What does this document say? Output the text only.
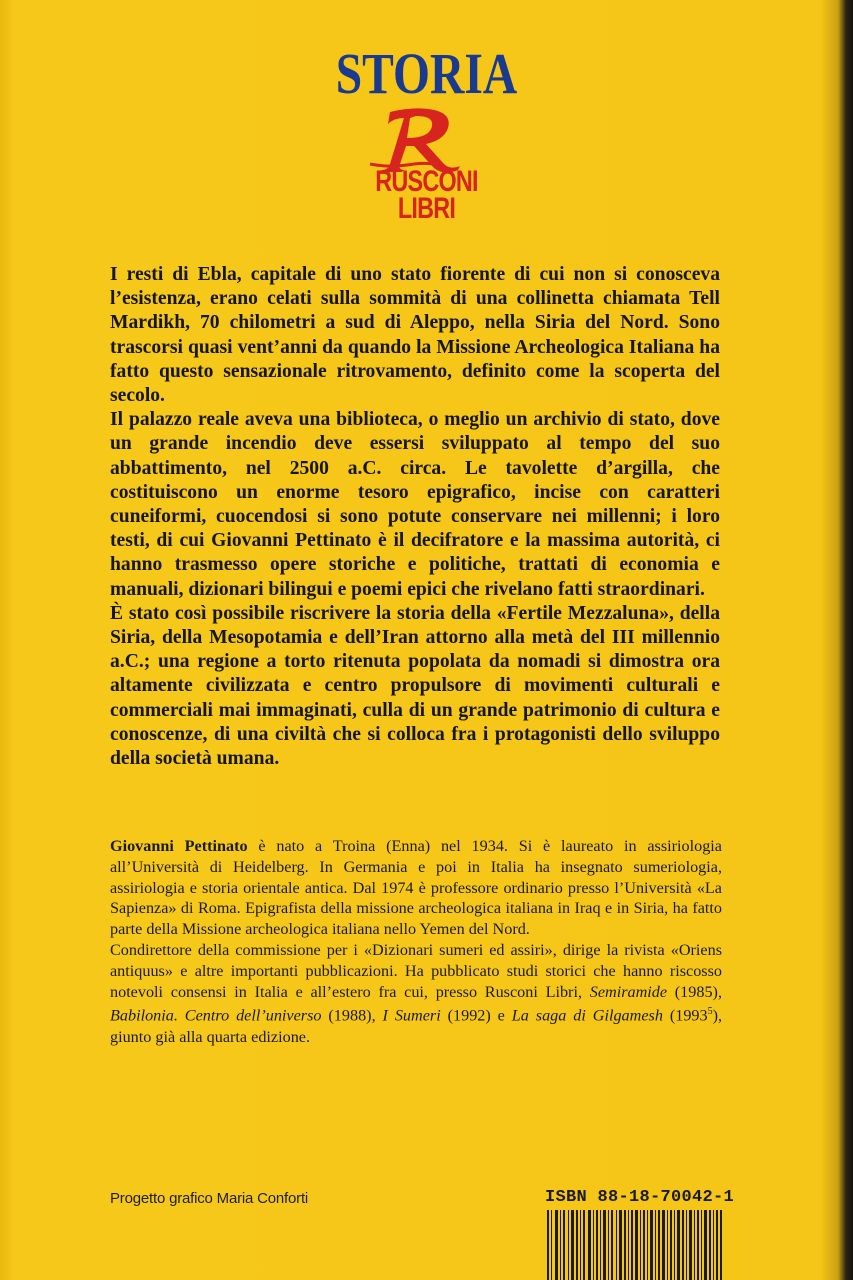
STORIA
RUSCONI
LIBRI

I resti di Ebla, capitale di uno stato fiorente di cui non si conosceva l’esistenza, erano celati sulla sommità di una collinetta chiamata Tell Mardikh, 70 chilometri a sud di Aleppo, nella Siria del Nord. Sono trascorsi quasi vent’anni da quando la Missione Archeologica Italiana ha fatto questo sensazionale ritrovamento, definito come la scoperta del secolo.

Il palazzo reale aveva una biblioteca, o meglio un archivio di stato, dove un grande incendio deve essersi sviluppato al tempo del suo abbattimento, nel 2500 a.C. circa. Le tavolette d’argilla, che costituiscono un enorme tesoro epigrafico, incise con caratteri cuneiformi, cuocendosi si sono potute conservare nei millenni; i loro testi, di cui Giovanni Pettinato è il decifratore e la massima autorità, ci hanno trasmesso opere storiche e politiche, trattati di economia e manuali, dizionari bilingui e poemi epici che rivelano fatti straordinari.

È stato così possibile riscrivere la storia della «Fertile Mezzaluna», della Siria, della Mesopotamia e dell’Iran attorno alla metà del III millennio a.C.; una regione a torto ritenuta popolata da nomadi si dimostra ora altamente civilizzata e centro propulsore di movimenti culturali e commerciali mai immaginati, culla di un grande patrimonio di cultura e conoscenze, di una civiltà che si colloca fra i protagonisti dello sviluppo della società umana.

Giovanni Pettinato è nato a Troina (Enna) nel 1934. Si è laureato in assiriologia all’Università di Heidelberg. In Germania e poi in Italia ha insegnato sumeriologia, assiriologia e storia orientale antica. Dal 1974 è professore ordinario presso l’Università «La Sapienza» di Roma. Epigrafista della missione archeologica italiana in Iraq e in Siria, ha fatto parte della Missione archeologica italiana nello Yemen del Nord.

Condirettore della commissione per i «Dizionari sumeri ed assiri», dirige la rivista «Oriens antiquus» e altre importanti pubblicazioni. Ha pubblicato studi storici che hanno riscosso notevoli consensi in Italia e all’estero fra cui, presso Rusconi Libri, Semiramide (1985), Babilonia. Centro dell’universo (1988), I Sumeri (1992) e La saga di Gilgamesh (1993$^5$), giunto già alla quarta edizione.

Progetto grafico Maria Conforti	ISBN 88-18-70042-1
